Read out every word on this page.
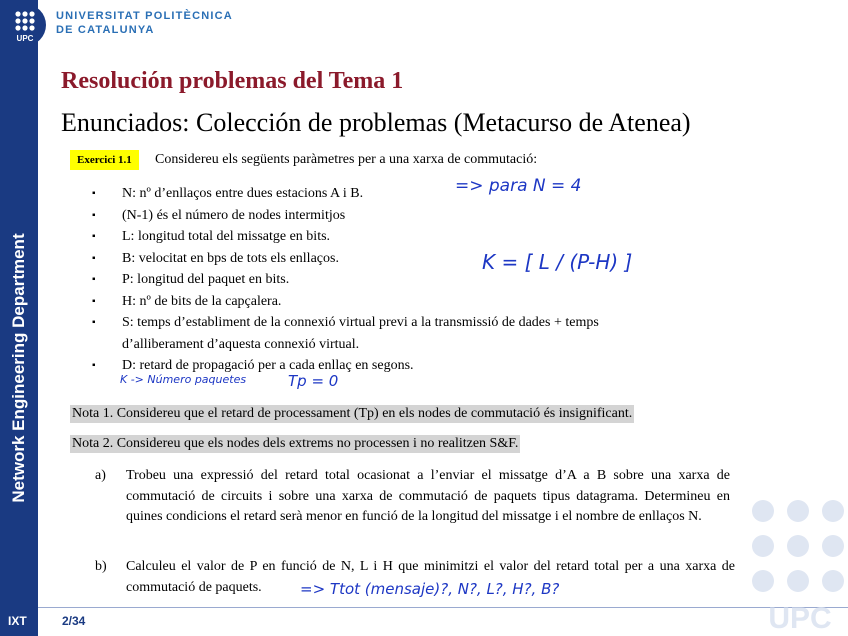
UPC
UNIVERSITAT POLITÈCNICA
DE CATALUNYA
Network Engineering Department
IXT	2/34
Resolución problemas del Tema 1
Enunciados: Colección de problemas (Metacurso de Atenea)
Exercici 1.1	Considereu els següents paràmetres per a una xarxa de commutació:
▪ N: nº d’enllaços entre dues estacions A i B.
▪ (N-1) és el número de nodes intermitjos
▪ L: longitud total del missatge en bits.
▪ B: velocitat en bps de tots els enllaços.
▪ P: longitud del paquet en bits.
▪ H: nº de bits de la capçalera.
▪ S: temps d’establiment de la connexió virtual previ a la transmissió de dades + temps d’alliberament d’aquesta connexió virtual.
▪ D: retard de propagació per a cada enllaç en segons.
Nota 1. Considereu que el retard de processament (Tp) en els nodes de commutació és insignificant.
Nota 2. Considereu que els nodes dels extrems no processen i no realitzen S&F.
a) Trobeu una expressió del retard total ocasionat a l’enviar el missatge d’A a B sobre una xarxa de commutació de circuits i sobre una xarxa de commutació de paquets tipus datagrama. Determineu en quines condicions el retard serà menor en funció de la longitud del missatge i el nombre de enllaços N.
b) Calculeu el valor de P en funció de N, L i H que minimitzi el valor del retard total per a una xarxa de commutació de paquets.
=> para N = 4
K = [ L / (P-H) ]
K -> Número paquetes	Tp = 0
=> Ttot (mensaje)?, N?, L?, H?, B?
UPC
